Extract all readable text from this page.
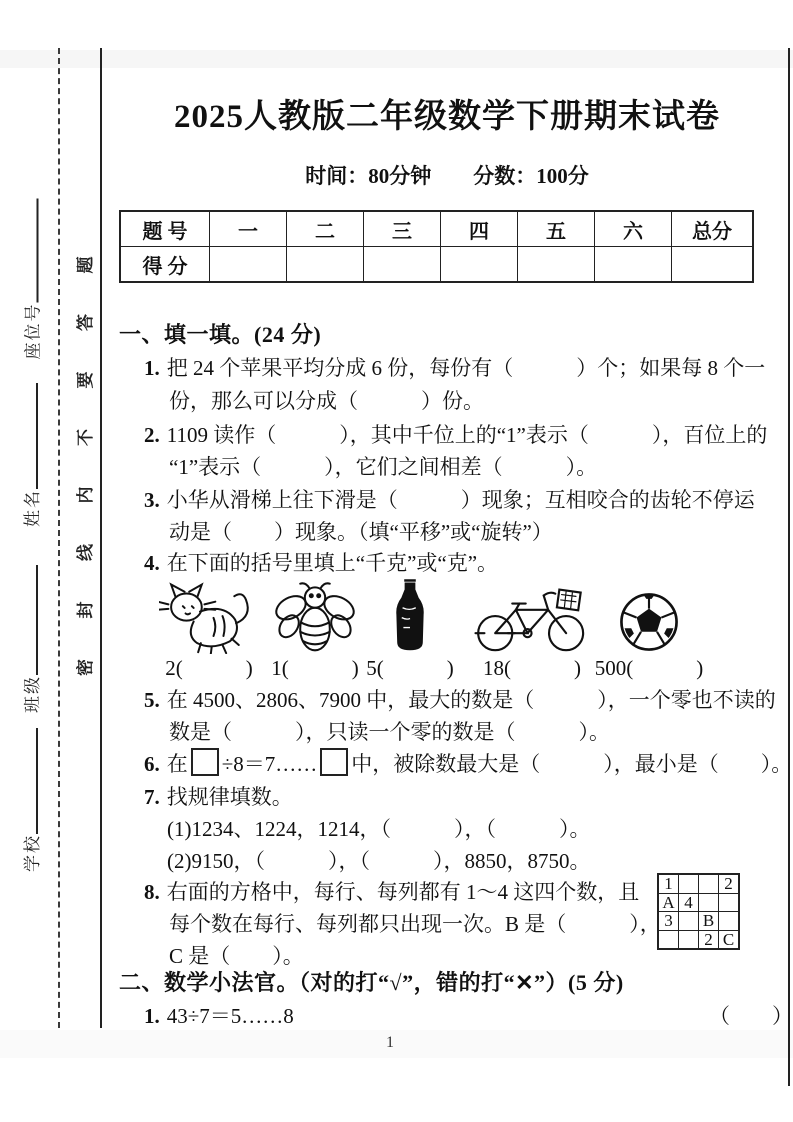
座位号
姓名
班级
学校
密 封 线 内 不 要 答 题
2025人教版二年级数学下册期末试卷
时间：80分钟　　分数：100分
题 号	一	二	三	四	五	六	总分
得 分							
一、填一填。(24 分)
1. 把 24 个苹果平均分成 6 份，每份有（　　　）个；如果每 8 个一
份，那么可以分成（　　　）份。
2. 1109 读作（　　　），其中千位上的“1”表示（　　　），百位上的
“1”表示（　　　），它们之间相差（　　　）。
3. 小华从滑梯上往下滑是（　　　）现象；互相咬合的齿轮不停运
动是（　　）现象。（填“平移”或“旋转”）
4. 在下面的括号里填上“千克”或“克”。
2(　　　) 1(　　　) 5(　　　)	18(　　　) 500(　　　)
5. 在 4500、2806、7900 中，最大的数是（　　　），一个零也不读的
数是（　　　），只读一个零的数是（　　　）。
6. 在 ÷8＝7…… 中，被除数最大是（　　　），最小是（　　）。
7. 找规律填数。
(1)1234、1224，1214，（　　　），（　　　）。
(2)9150，（　　　），（　　　），8850，8750。
8. 右面的方格中，每行、每列都有 1～4 这四个数，且
每个数在每行、每列都只出现一次。B 是（　　　），
C 是（　　）。
1			2
A	4		
3		B	
		2	C
二、数学小法官。（对的打“√”，错的打“✕”）(5 分)
1. 43÷7＝5……8	（　　）
1
